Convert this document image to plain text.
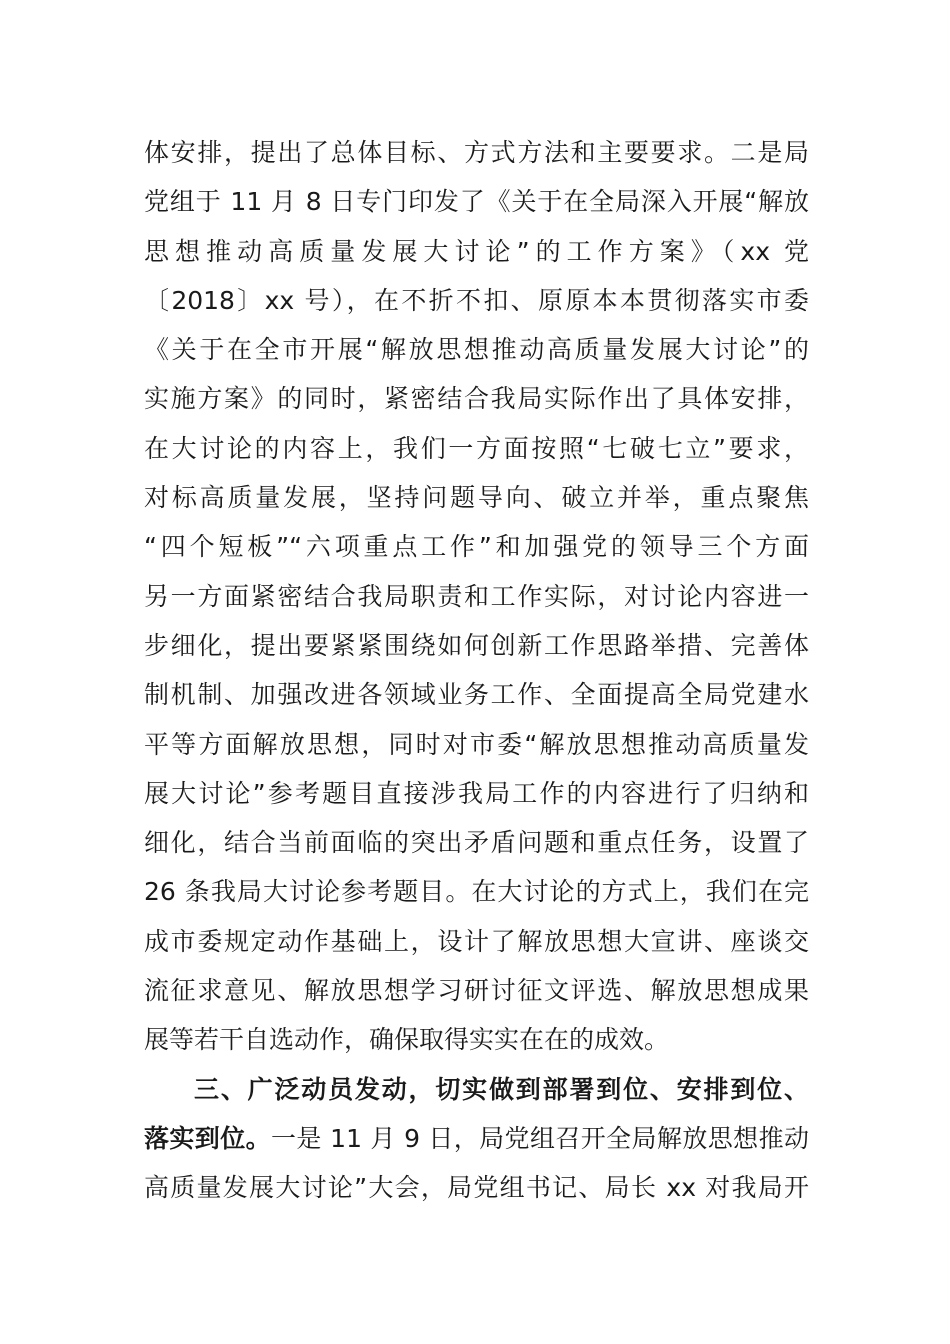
体安排，提出了总体目标、方式方法和主要要求。二是局
党组于 11 月 8 日专门印发了《关于在全局深入开展“解放
思想推动高质量发展大讨论”的工作方案》（xx 党
〔2018〕xx 号），在不折不扣、原原本本贯彻落实市委
《关于在全市开展“解放思想推动高质量发展大讨论”的
实施方案》的同时，紧密结合我局实际作出了具体安排，
在大讨论的内容上，我们一方面按照“七破七立”要求，
对标高质量发展，坚持问题导向、破立并举，重点聚焦
“四个短板”“六项重点工作”和加强党的领导三个方面
另一方面紧密结合我局职责和工作实际，对讨论内容进一
步细化，提出要紧紧围绕如何创新工作思路举措、完善体
制机制、加强改进各领域业务工作、全面提高全局党建水
平等方面解放思想，同时对市委“解放思想推动高质量发
展大讨论”参考题目直接涉我局工作的内容进行了归纳和
细化，结合当前面临的突出矛盾问题和重点任务，设置了
26 条我局大讨论参考题目。在大讨论的方式上，我们在完
成市委规定动作基础上，设计了解放思想大宣讲、座谈交
流征求意见、解放思想学习研讨征文评选、解放思想成果
展等若干自选动作，确保取得实实在在的成效。
三、广泛动员发动，切实做到部署到位、安排到位、
落实到位。一是 11 月 9 日，局党组召开全局解放思想推动
高质量发展大讨论”大会，局党组书记、局长 xx 对我局开
